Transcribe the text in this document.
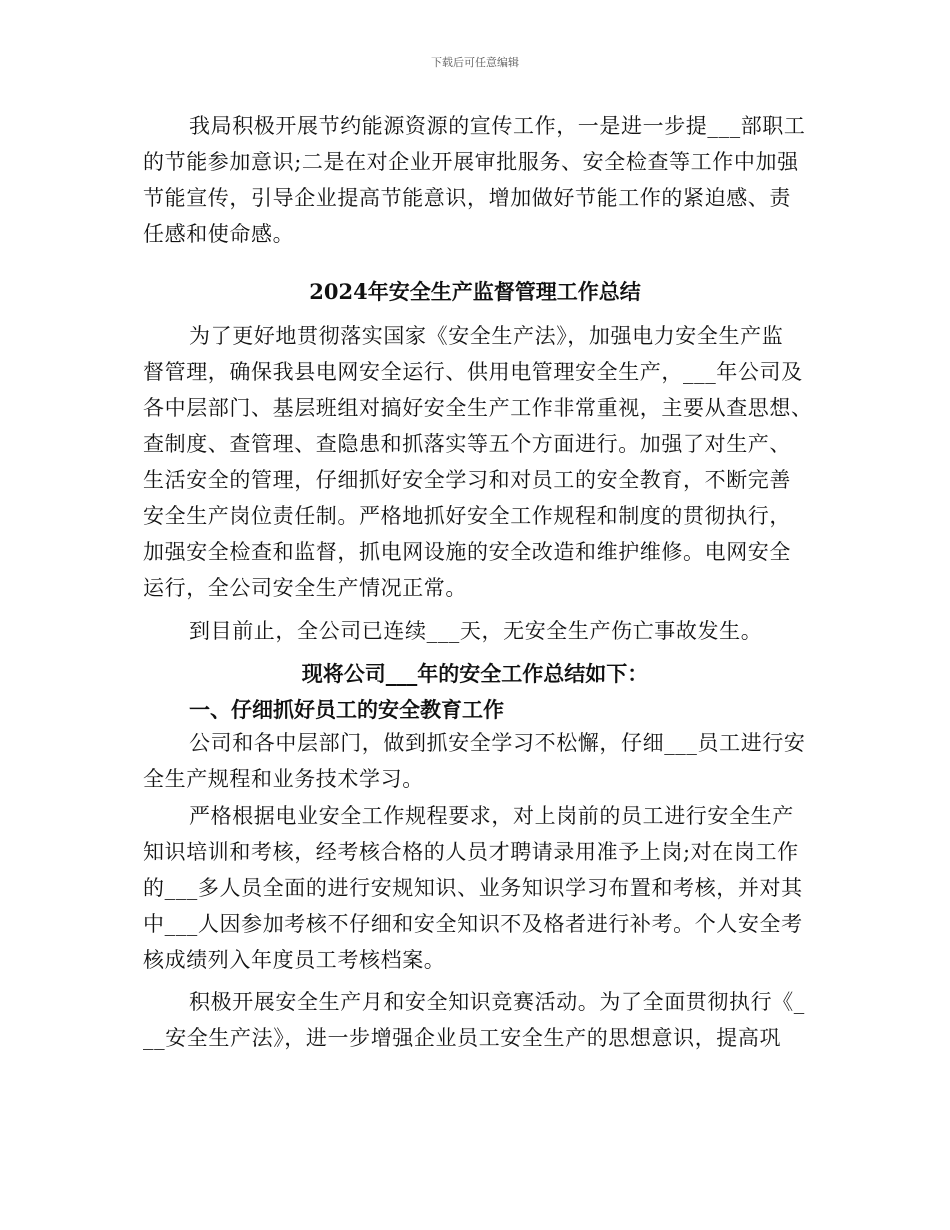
下载后可任意编辑
我局积极开展节约能源资源的宣传工作，一是进一步提___部职工
的节能参加意识;二是在对企业开展审批服务、安全检查等工作中加强
节能宣传，引导企业提高节能意识，增加做好节能工作的紧迫感、责
任感和使命感。
2024年安全生产监督管理工作总结
为了更好地贯彻落实国家《安全生产法》，加强电力安全生产监
督管理，确保我县电网安全运行、供用电管理安全生产，___年公司及
各中层部门、基层班组对搞好安全生产工作非常重视，主要从查思想、
查制度、查管理、查隐患和抓落实等五个方面进行。加强了对生产、
生活安全的管理，仔细抓好安全学习和对员工的安全教育，不断完善
安全生产岗位责任制。严格地抓好安全工作规程和制度的贯彻执行，
加强安全检查和监督，抓电网设施的安全改造和维护维修。电网安全
运行，全公司安全生产情况正常。
到目前止，全公司已连续___天，无安全生产伤亡事故发生。
现将公司___年的安全工作总结如下：
一、仔细抓好员工的安全教育工作
公司和各中层部门，做到抓安全学习不松懈，仔细___员工进行安
全生产规程和业务技术学习。
严格根据电业安全工作规程要求，对上岗前的员工进行安全生产
知识培训和考核，经考核合格的人员才聘请录用准予上岗;对在岗工作
的___多人员全面的进行安规知识、业务知识学习布置和考核，并对其
中___人因参加考核不仔细和安全知识不及格者进行补考。个人安全考
核成绩列入年度员工考核档案。
积极开展安全生产月和安全知识竞赛活动。为了全面贯彻执行《_
__安全生产法》，进一步增强企业员工安全生产的思想意识，提高巩
